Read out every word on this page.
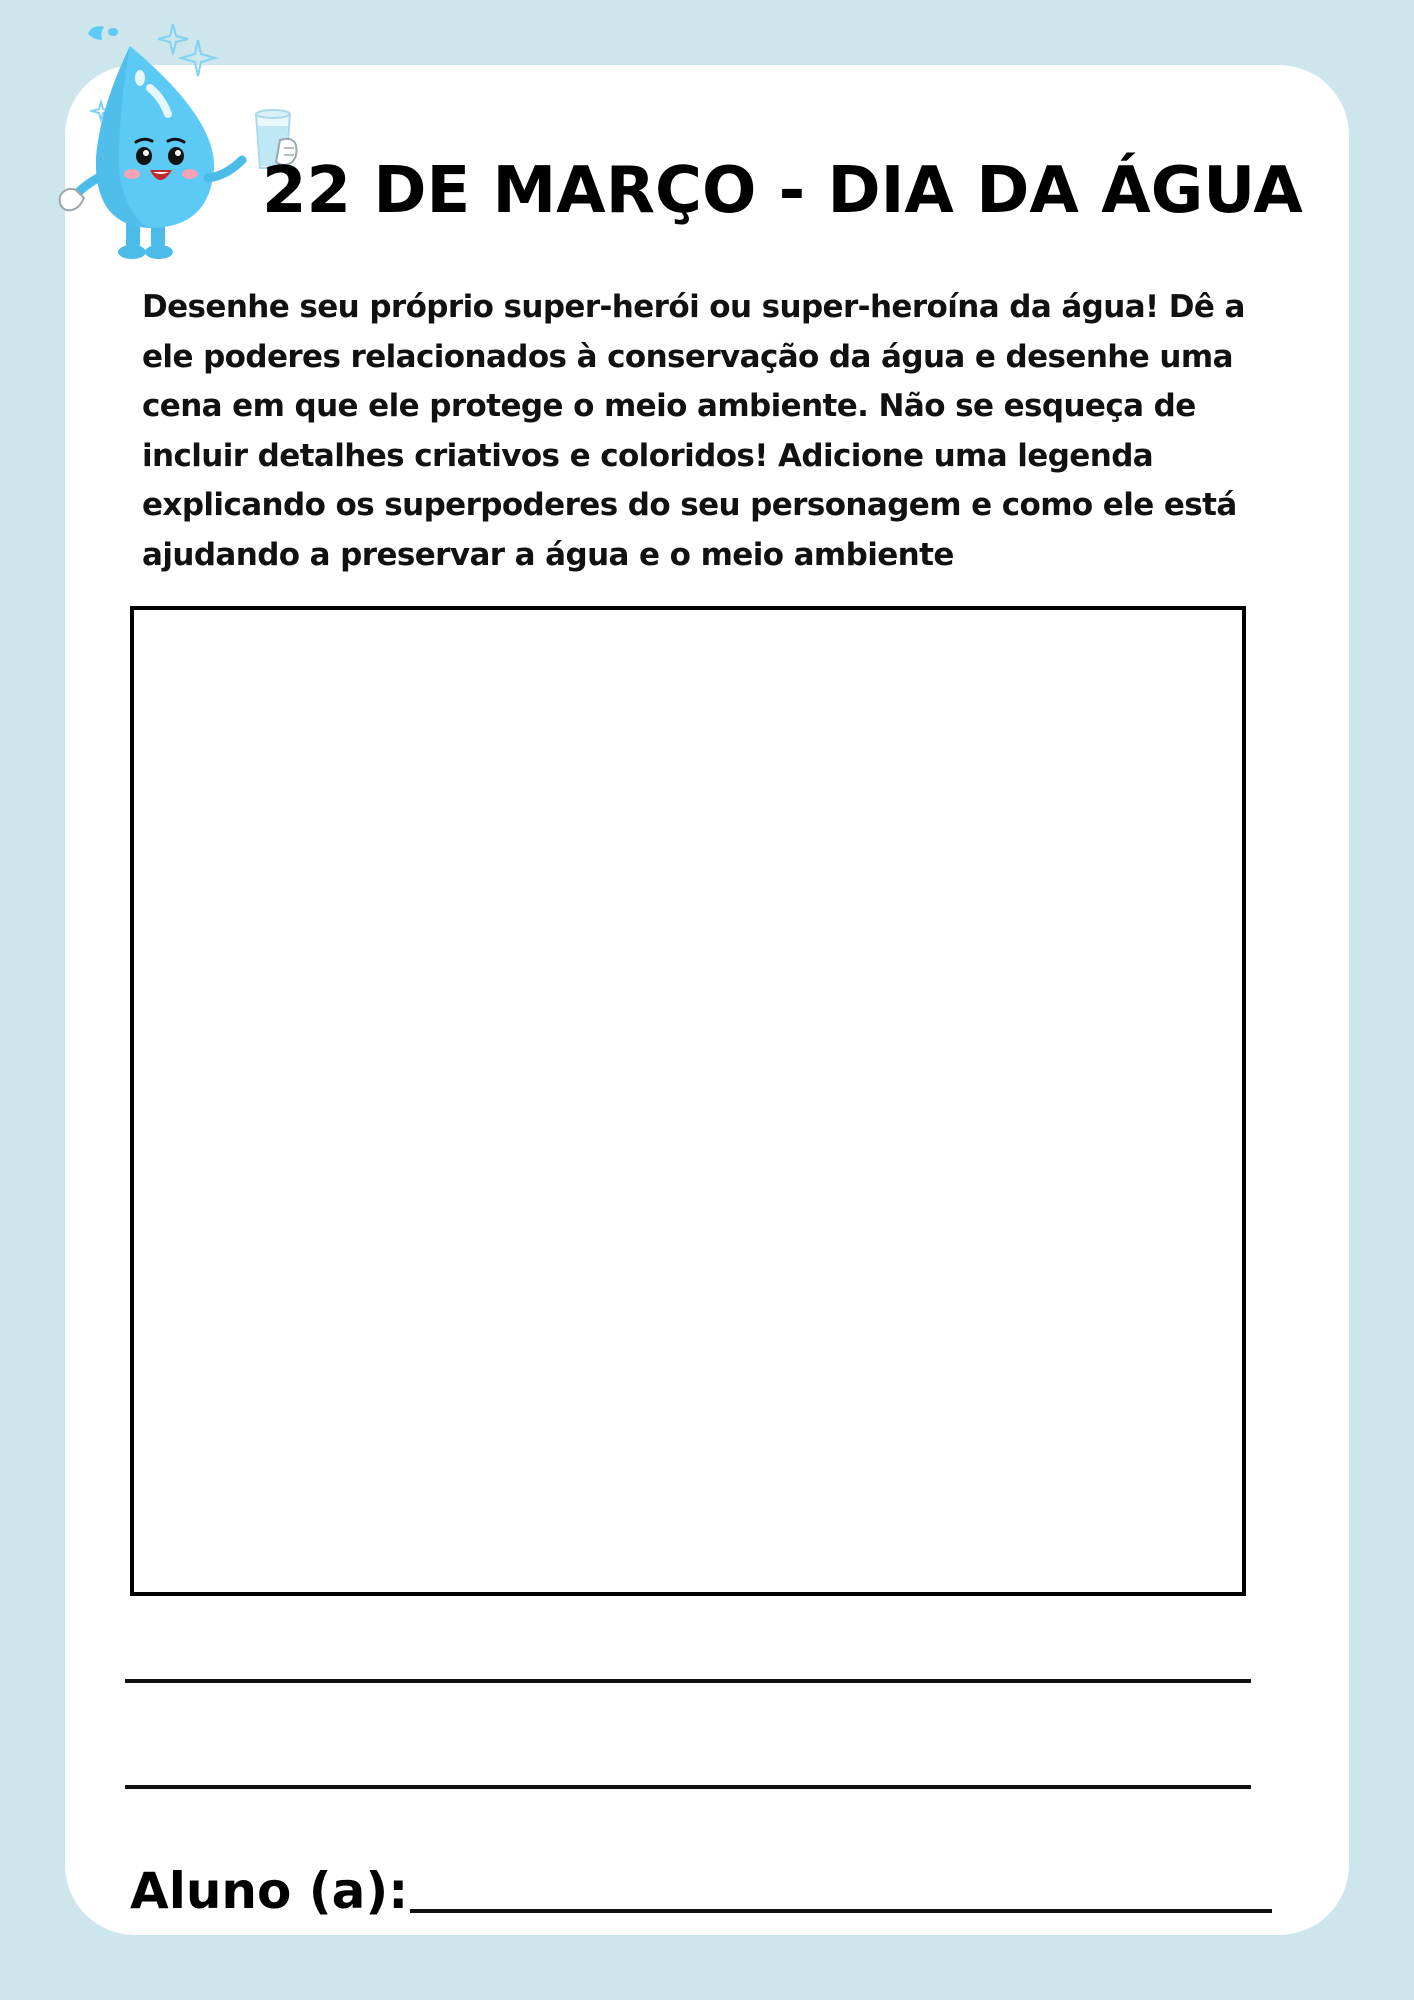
22 DE MARÇO - DIA DA ÁGUA

Desenhe seu próprio super-herói ou super-heroína da água! Dê a ele poderes relacionados à conservação da água e desenhe uma cena em que ele protege o meio ambiente. Não se esqueça de incluir detalhes criativos e coloridos! Adicione uma legenda explicando os superpoderes do seu personagem e como ele está ajudando a preservar a água e o meio ambiente

Aluno (a):
